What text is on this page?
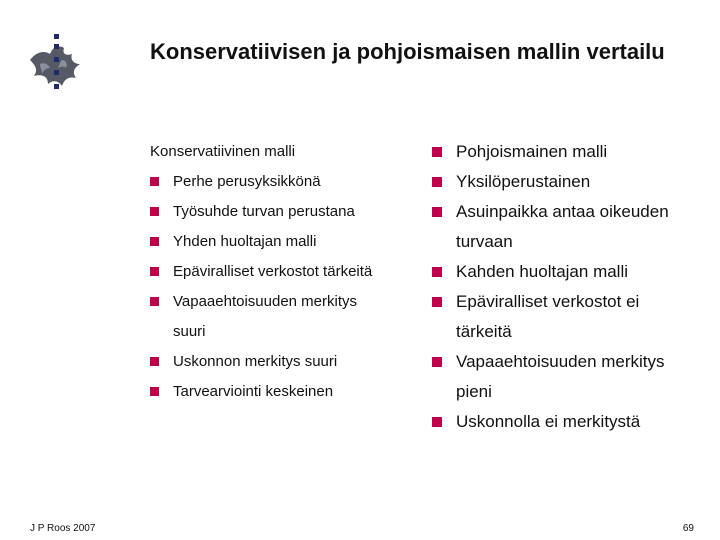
Konservatiivisen ja pohjoismaisen mallin vertailu
Konservatiivinen malli
Perhe perusyksikkönä
Työsuhde turvan perustana
Yhden huoltajan malli
Epäviralliset verkostot tärkeitä
Vapaaehtoisuuden merkitys suuri
Uskonnon merkitys suuri
Tarvearviointi keskeinen
Pohjoismainen malli
Yksilöperustainen
Asuinpaikka antaa oikeuden turvaan
Kahden huoltajan malli
Epäviralliset verkostot ei tärkeitä
Vapaaehtoisuuden merkitys pieni
Uskonnolla ei merkitystä
J P Roos 2007	69
